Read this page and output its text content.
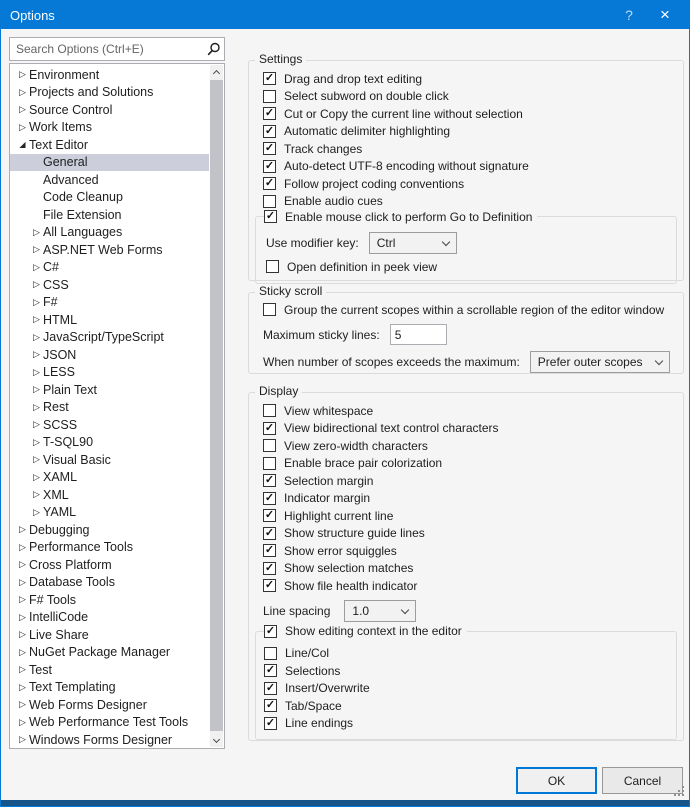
Options	? ×
Search Options (Ctrl+E)
▷ Environment
▷ Projects and Solutions
▷ Source Control
▷ Work Items
◢ Text Editor
General
Advanced
Code Cleanup
File Extension
▷ All Languages
▷ ASP.NET Web Forms
▷ C#
▷ CSS
▷ F#
▷ HTML
▷ JavaScript/TypeScript
▷ JSON
▷ LESS
▷ Plain Text
▷ Rest
▷ SCSS
▷ T-SQL90
▷ Visual Basic
▷ XAML
▷ XML
▷ YAML
▷ Debugging
▷ Performance Tools
▷ Cross Platform
▷ Database Tools
▷ F# Tools
▷ IntelliCode
▷ Live Share
▷ NuGet Package Manager
▷ Test
▷ Text Templating
▷ Web Forms Designer
▷ Web Performance Test Tools
▷ Windows Forms Designer
Settings
✓ Drag and drop text editing
Select subword on double click
✓ Cut or Copy the current line without selection
✓ Automatic delimiter highlighting
✓ Track changes
✓ Auto-detect UTF-8 encoding without signature
✓ Follow project coding conventions
Enable audio cues
✓ Enable mouse click to perform Go to Definition
Use modifier key: Ctrl
Open definition in peek view
Sticky scroll
Group the current scopes within a scrollable region of the editor window
Maximum sticky lines:
5
When number of scopes exceeds the maximum: Prefer outer scopes
Display
View whitespace
✓ View bidirectional text control characters
View zero-width characters
Enable brace pair colorization
✓ Selection margin
✓ Indicator margin
✓ Highlight current line
✓ Show structure guide lines
✓ Show error squiggles
✓ Show selection matches
✓ Show file health indicator
Line spacing 1.0
✓ Show editing context in the editor
Line/Col
✓ Selections
✓ Insert/Overwrite
✓ Tab/Space
✓ Line endings
OK	Cancel
